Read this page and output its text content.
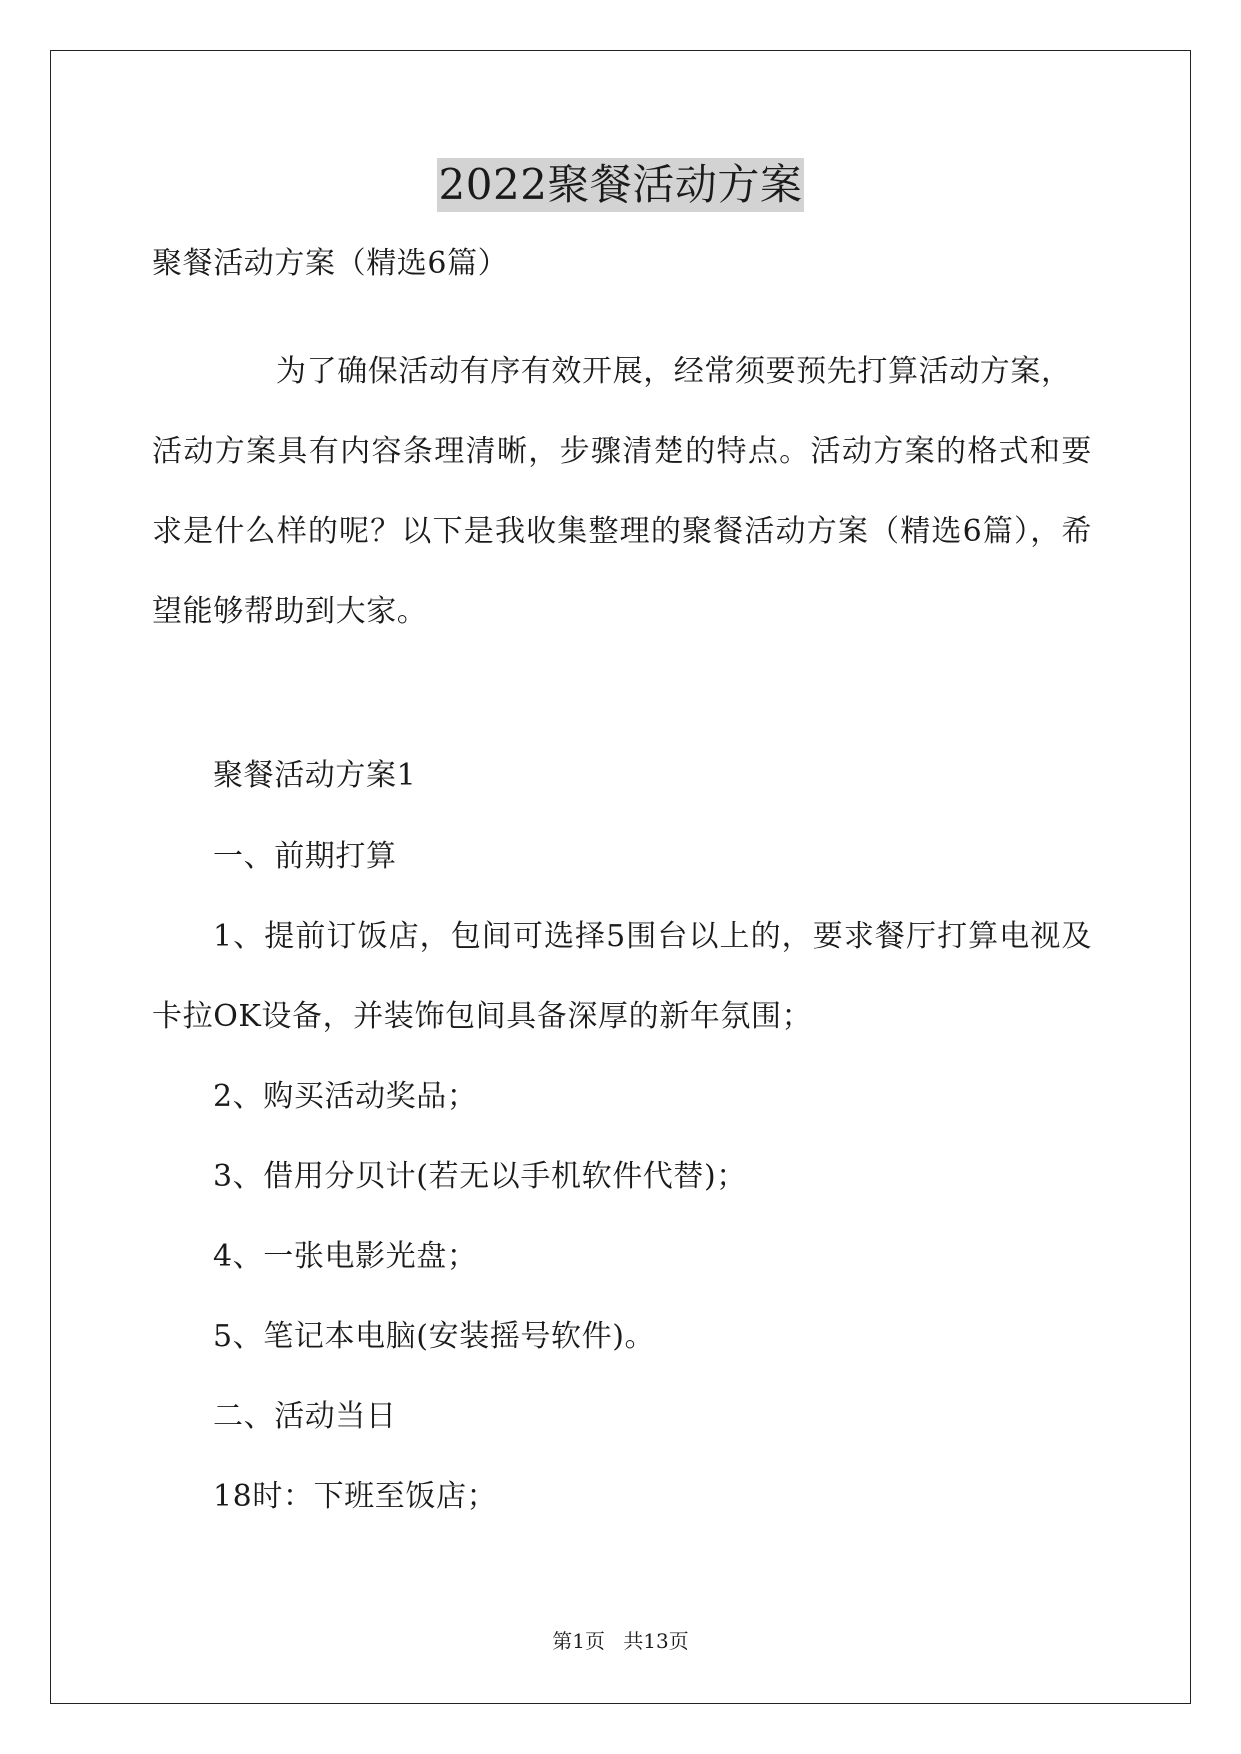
2022聚餐活动方案
聚餐活动方案（精选6篇）
为了确保活动有序有效开展，经常须要预先打算活动方案，
活动方案具有内容条理清晰，步骤清楚的特点。活动方案的格式和要
求是什么样的呢？以下是我收集整理的聚餐活动方案（精选6篇），希
望能够帮助到大家。
聚餐活动方案1
一、前期打算
1、提前订饭店，包间可选择5围台以上的，要求餐厅打算电视及
卡拉OK设备，并装饰包间具备深厚的新年氛围；
2、购买活动奖品；
3、借用分贝计(若无以手机软件代替)；
4、一张电影光盘；
5、笔记本电脑(安装摇号软件)。
二、活动当日
18时：下班至饭店；
第1页 共13页
